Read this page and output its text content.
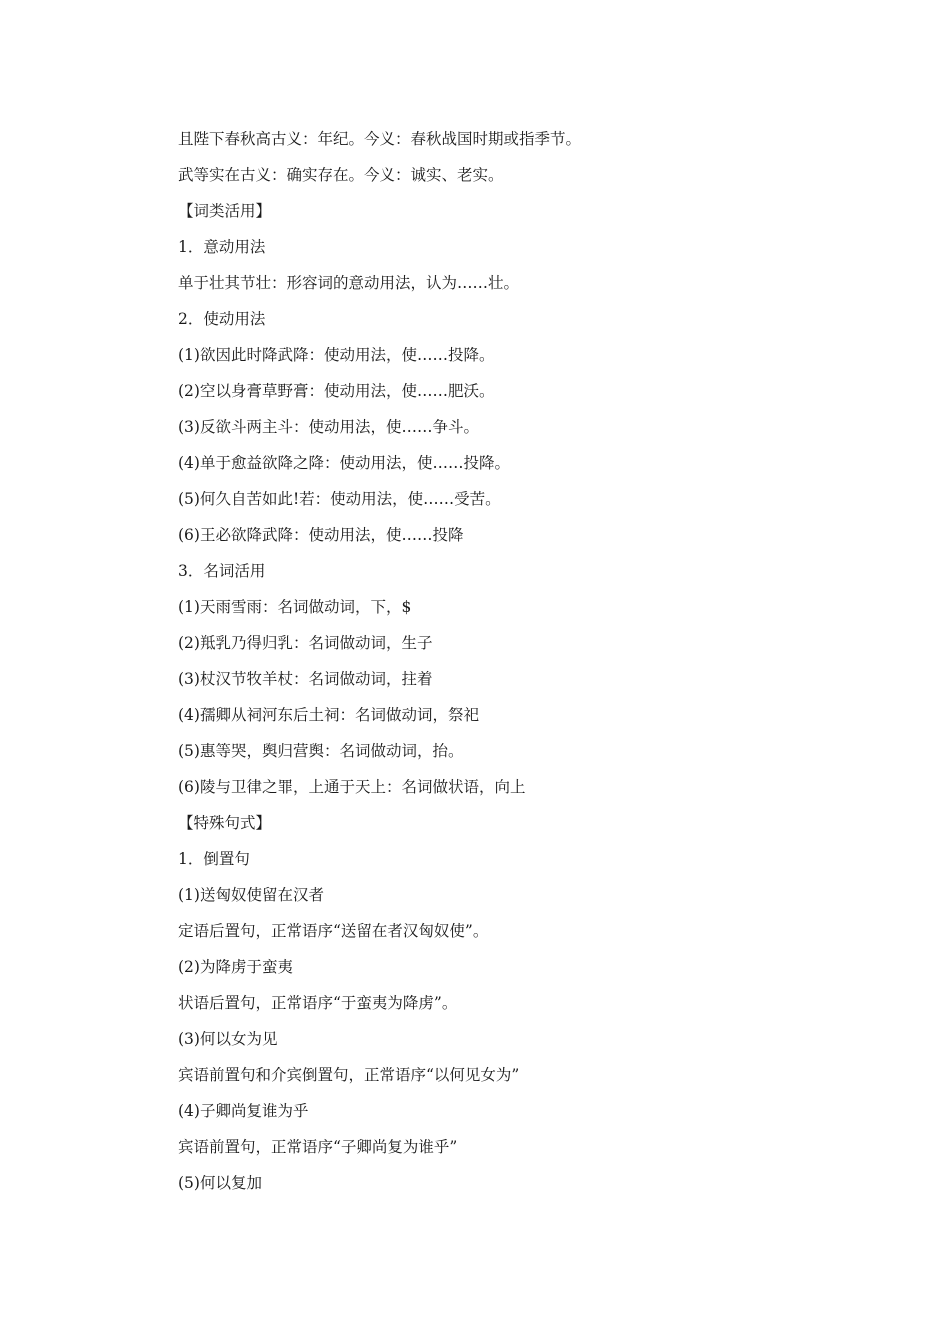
且陛下春秋高古义：年纪。今义：春秋战国时期或指季节。
武等实在古义：确实存在。今义：诚实、老实。
【词类活用】
1．意动用法
单于壮其节壮：形容词的意动用法，认为……壮。
2．使动用法
(1)欲因此时降武降：使动用法，使……投降。
(2)空以身膏草野膏：使动用法，使……肥沃。
(3)反欲斗两主斗：使动用法，使……争斗。
(4)单于愈益欲降之降：使动用法，使……投降。
(5)何久自苦如此!若：使动用法，使……受苦。
(6)王必欲降武降：使动用法，使……投降
3．名词活用
(1)天雨雪雨：名词做动词，下，$
(2)羝乳乃得归乳：名词做动词，生子
(3)杖汉节牧羊杖：名词做动词，拄着
(4)孺卿从祠河东后土祠：名词做动词，祭祀
(5)惠等哭，舆归营舆：名词做动词，抬。
(6)陵与卫律之罪，上通于天上：名词做状语，向上
【特殊句式】
1．倒置句
(1)送匈奴使留在汉者
定语后置句，正常语序“送留在者汉匈奴使”。
(2)为降虏于蛮夷
状语后置句，正常语序“于蛮夷为降虏”。
(3)何以女为见
宾语前置句和介宾倒置句，正常语序“以何见女为”
(4)子卿尚复谁为乎
宾语前置句，正常语序“子卿尚复为谁乎”
(5)何以复加
